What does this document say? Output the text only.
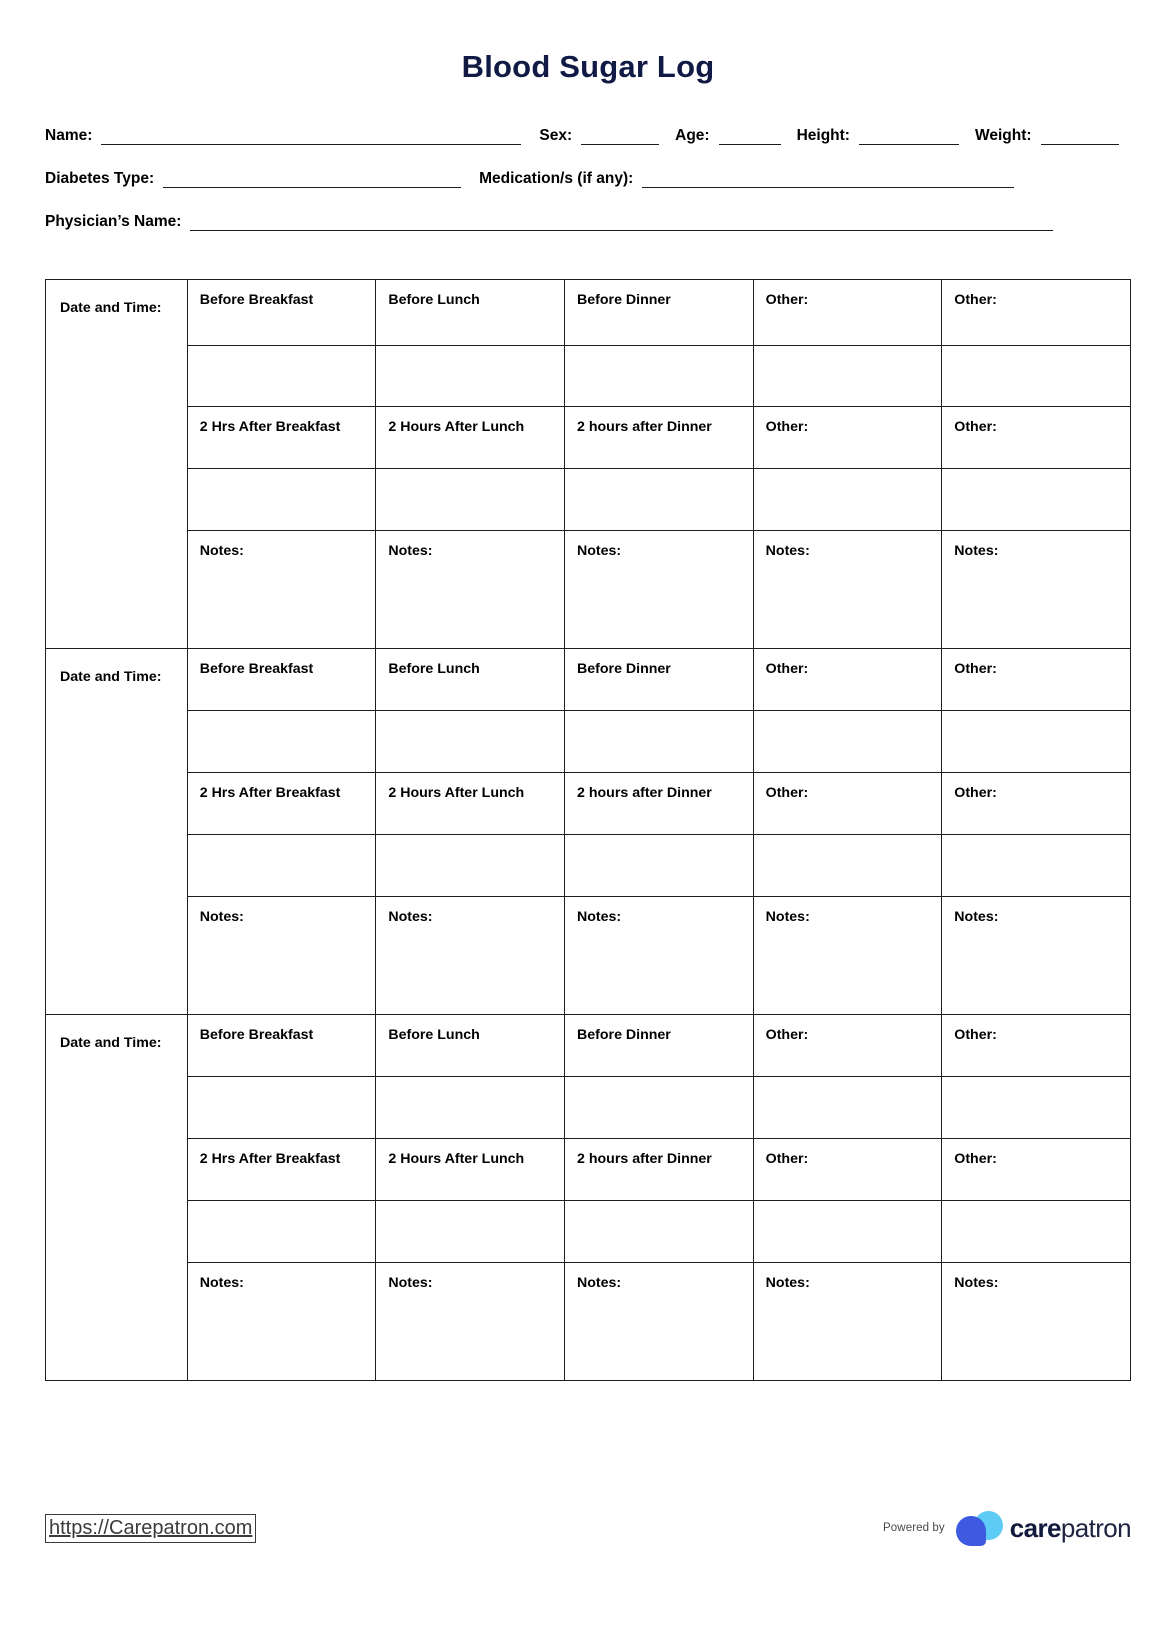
Blood Sugar Log
Name:	Sex:	Age:	Height:	Weight:
Diabetes Type:	Medication/s (if any):
Physician’s Name:
Date and Time:	Before Breakfast	Before Lunch	Before Dinner	Other:	Other:

	2 Hrs After Breakfast	2 Hours After Lunch	2 hours after Dinner	Other:	Other:

	Notes:	Notes:	Notes:	Notes:	Notes:
Date and Time:	Before Breakfast	Before Lunch	Before Dinner	Other:	Other:

	2 Hrs After Breakfast	2 Hours After Lunch	2 hours after Dinner	Other:	Other:

	Notes:	Notes:	Notes:	Notes:	Notes:
Date and Time:	Before Breakfast	Before Lunch	Before Dinner	Other:	Other:

	2 Hrs After Breakfast	2 Hours After Lunch	2 hours after Dinner	Other:	Other:

	Notes:	Notes:	Notes:	Notes:	Notes:
https://Carepatron.com	Powered by	carepatron
